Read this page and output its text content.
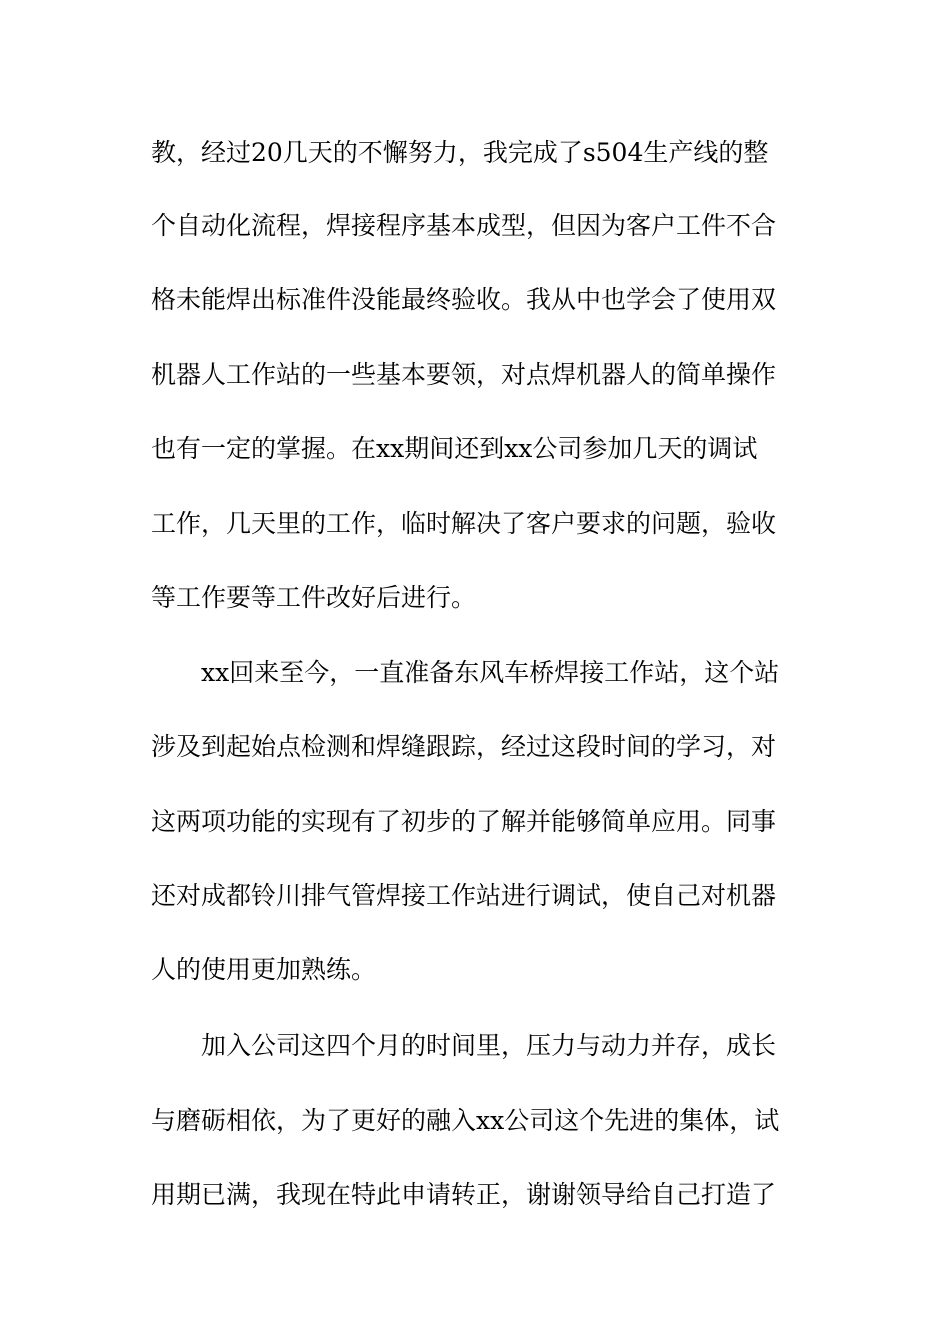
教，经过20几天的不懈努力，我完成了s504生产线的整
个自动化流程，焊接程序基本成型，但因为客户工件不合
格未能焊出标准件没能最终验收。我从中也学会了使用双
机器人工作站的一些基本要领，对点焊机器人的简单操作
也有一定的掌握。在xx期间还到xx公司参加几天的调试
工作，几天里的工作，临时解决了客户要求的问题，验收
等工作要等工件改好后进行。
xx回来至今，一直准备东风车桥焊接工作站，这个站
涉及到起始点检测和焊缝跟踪，经过这段时间的学习，对
这两项功能的实现有了初步的了解并能够简单应用。同事
还对成都铃川排气管焊接工作站进行调试，使自己对机器
人的使用更加熟练。
加入公司这四个月的时间里，压力与动力并存，成长
与磨砺相依，为了更好的融入xx公司这个先进的集体，试
用期已满，我现在特此申请转正，谢谢领导给自己打造了
